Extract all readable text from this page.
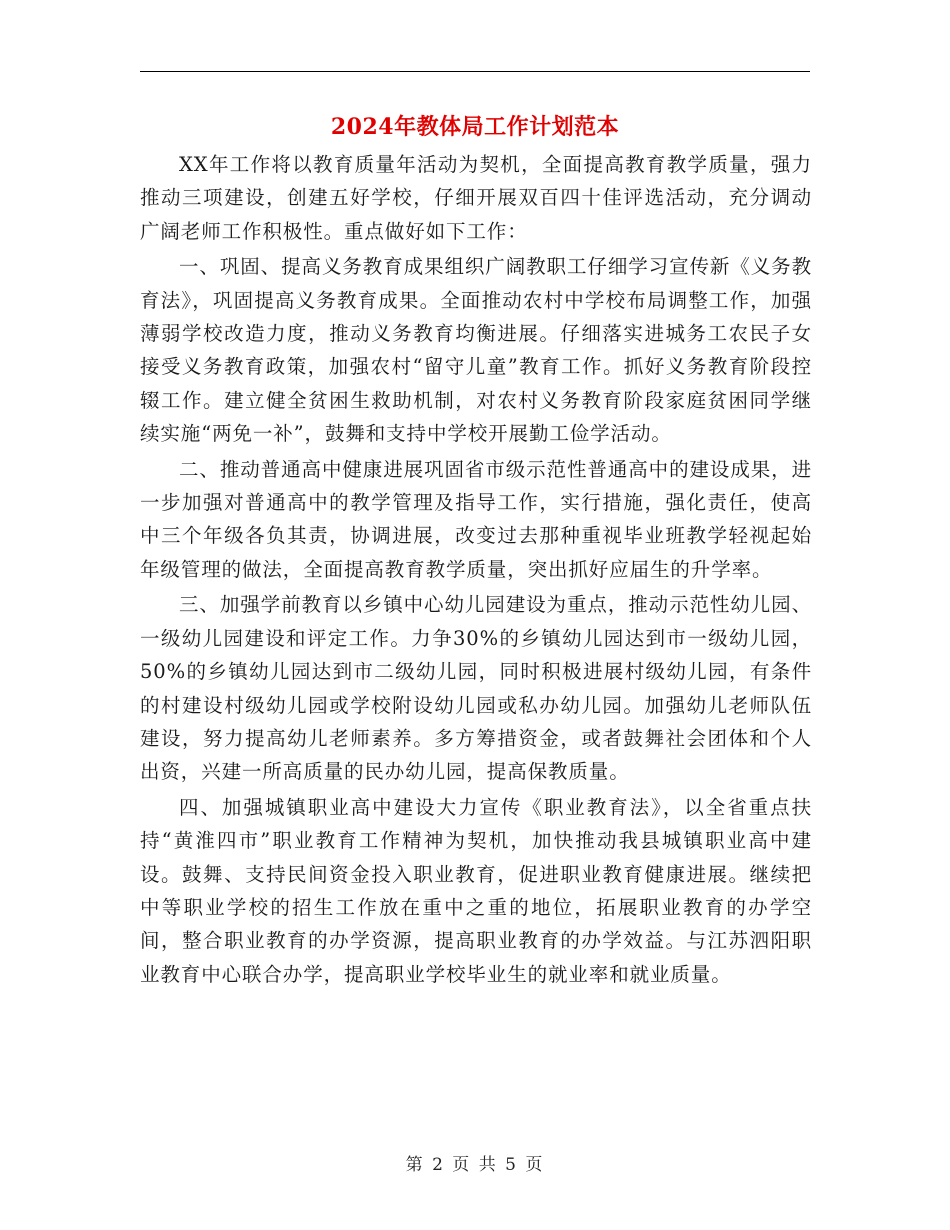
2024年教体局工作计划范本

XX年工作将以教育质量年活动为契机，全面提高教育教学质量，强力推动三项建设，创建五好学校，仔细开展双百四十佳评选活动，充分调动广阔老师工作积极性。重点做好如下工作：

一、巩固、提高义务教育成果组织广阔教职工仔细学习宣传新《义务教育法》，巩固提高义务教育成果。全面推动农村中学校布局调整工作，加强薄弱学校改造力度，推动义务教育均衡进展。仔细落实进城务工农民子女接受义务教育政策，加强农村“留守儿童”教育工作。抓好义务教育阶段控辍工作。建立健全贫困生救助机制，对农村义务教育阶段家庭贫困同学继续实施“两免一补”，鼓舞和支持中学校开展勤工俭学活动。

二、推动普通高中健康进展巩固省市级示范性普通高中的建设成果，进一步加强对普通高中的教学管理及指导工作，实行措施，强化责任，使高中三个年级各负其责，协调进展，改变过去那种重视毕业班教学轻视起始年级管理的做法，全面提高教育教学质量，突出抓好应届生的升学率。

三、加强学前教育以乡镇中心幼儿园建设为重点，推动示范性幼儿园、一级幼儿园建设和评定工作。力争30%的乡镇幼儿园达到市一级幼儿园，50%的乡镇幼儿园达到市二级幼儿园，同时积极进展村级幼儿园，有条件的村建设村级幼儿园或学校附设幼儿园或私办幼儿园。加强幼儿老师队伍建设，努力提高幼儿老师素养。多方筹措资金，或者鼓舞社会团体和个人出资，兴建一所高质量的民办幼儿园，提高保教质量。

四、加强城镇职业高中建设大力宣传《职业教育法》，以全省重点扶持“黄淮四市”职业教育工作精神为契机，加快推动我县城镇职业高中建设。鼓舞、支持民间资金投入职业教育，促进职业教育健康进展。继续把中等职业学校的招生工作放在重中之重的地位，拓展职业教育的办学空间，整合职业教育的办学资源，提高职业教育的办学效益。与江苏泗阳职业教育中心联合办学，提高职业学校毕业生的就业率和就业质量。

第 2 页 共 5 页
